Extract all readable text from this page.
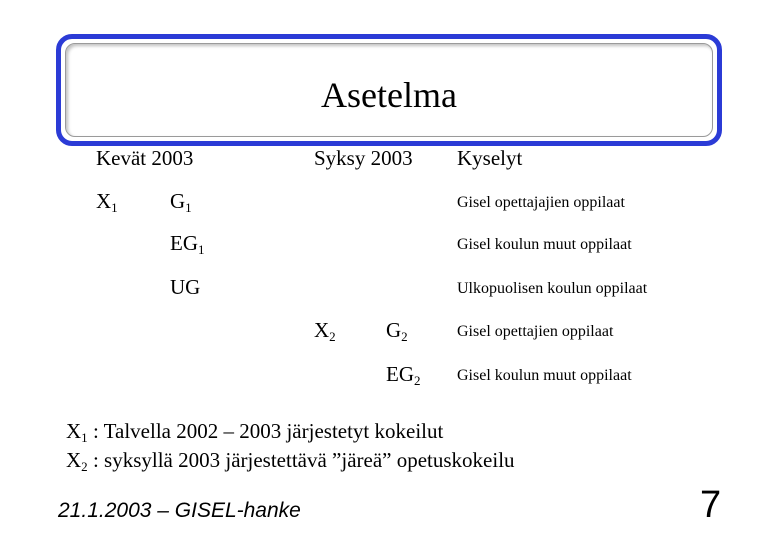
Asetelma
Kevät 2003	Syksy 2003 Kyselyt
$X_1$ $G_1$
$EG_1$
UG
$X_2$ $G_2$
$EG_2$
Gisel opettajajien oppilaat
Gisel koulun muut oppilaat
Ulkopuolisen koulun oppilaat
Gisel opettajien oppilaat
Gisel koulun muut oppilaat
$X_1$ : Talvella 2002 – 2003 järjestetyt kokeilut
$X_2$ : syksyllä 2003 järjestettävä ”järeä” opetuskokeilu
21.1.2003 – GISEL-hanke	7
